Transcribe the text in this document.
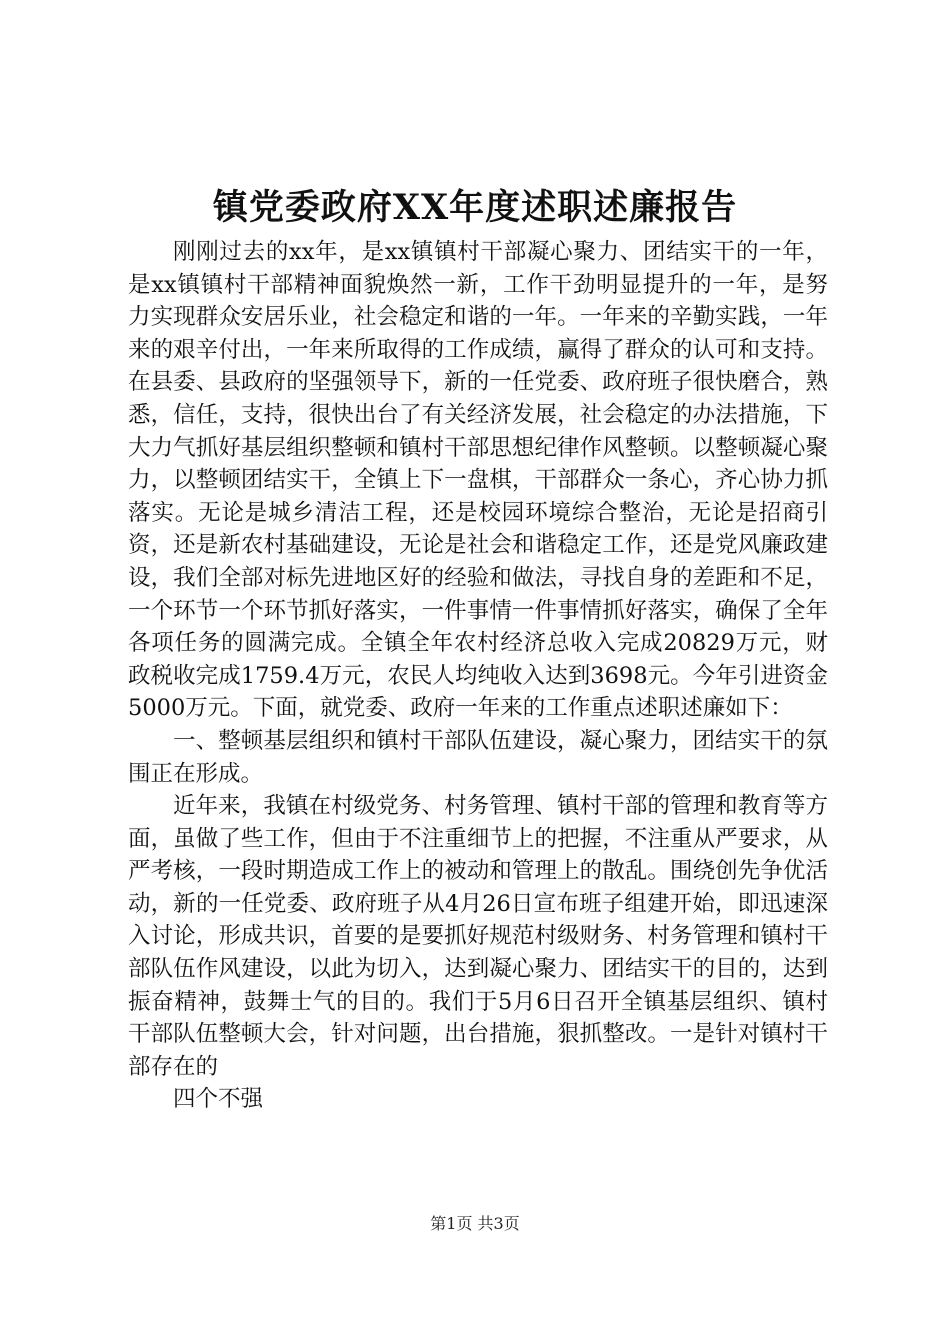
镇党委政府XX年度述职述廉报告

刚刚过去的xx年，是xx镇镇村干部凝心聚力、团结实干的一年，是xx镇镇村干部精神面貌焕然一新，工作干劲明显提升的一年，是努力实现群众安居乐业，社会稳定和谐的一年。一年来的辛勤实践，一年来的艰辛付出，一年来所取得的工作成绩，赢得了群众的认可和支持。在县委、县政府的坚强领导下，新的一任党委、政府班子很快磨合，熟悉，信任，支持，很快出台了有关经济发展，社会稳定的办法措施，下大力气抓好基层组织整顿和镇村干部思想纪律作风整顿。以整顿凝心聚力，以整顿团结实干，全镇上下一盘棋，干部群众一条心，齐心协力抓落实。无论是城乡清洁工程，还是校园环境综合整治，无论是招商引资，还是新农村基础建设，无论是社会和谐稳定工作，还是党风廉政建设，我们全部对标先进地区好的经验和做法，寻找自身的差距和不足，一个环节一个环节抓好落实，一件事情一件事情抓好落实，确保了全年各项任务的圆满完成。全镇全年农村经济总收入完成20829万元，财政税收完成1759.4万元，农民人均纯收入达到3698元。今年引进资金5000万元。下面，就党委、政府一年来的工作重点述职述廉如下：

一、整顿基层组织和镇村干部队伍建设，凝心聚力，团结实干的氛围正在形成。

近年来，我镇在村级党务、村务管理、镇村干部的管理和教育等方面，虽做了些工作，但由于不注重细节上的把握，不注重从严要求，从严考核，一段时期造成工作上的被动和管理上的散乱。围绕创先争优活动，新的一任党委、政府班子从4月26日宣布班子组建开始，即迅速深入讨论，形成共识，首要的是要抓好规范村级财务、村务管理和镇村干部队伍作风建设，以此为切入，达到凝心聚力、团结实干的目的，达到振奋精神，鼓舞士气的目的。我们于5月6日召开全镇基层组织、镇村干部队伍整顿大会，针对问题，出台措施，狠抓整改。一是针对镇村干部存在的

四个不强

第1页 共3页
